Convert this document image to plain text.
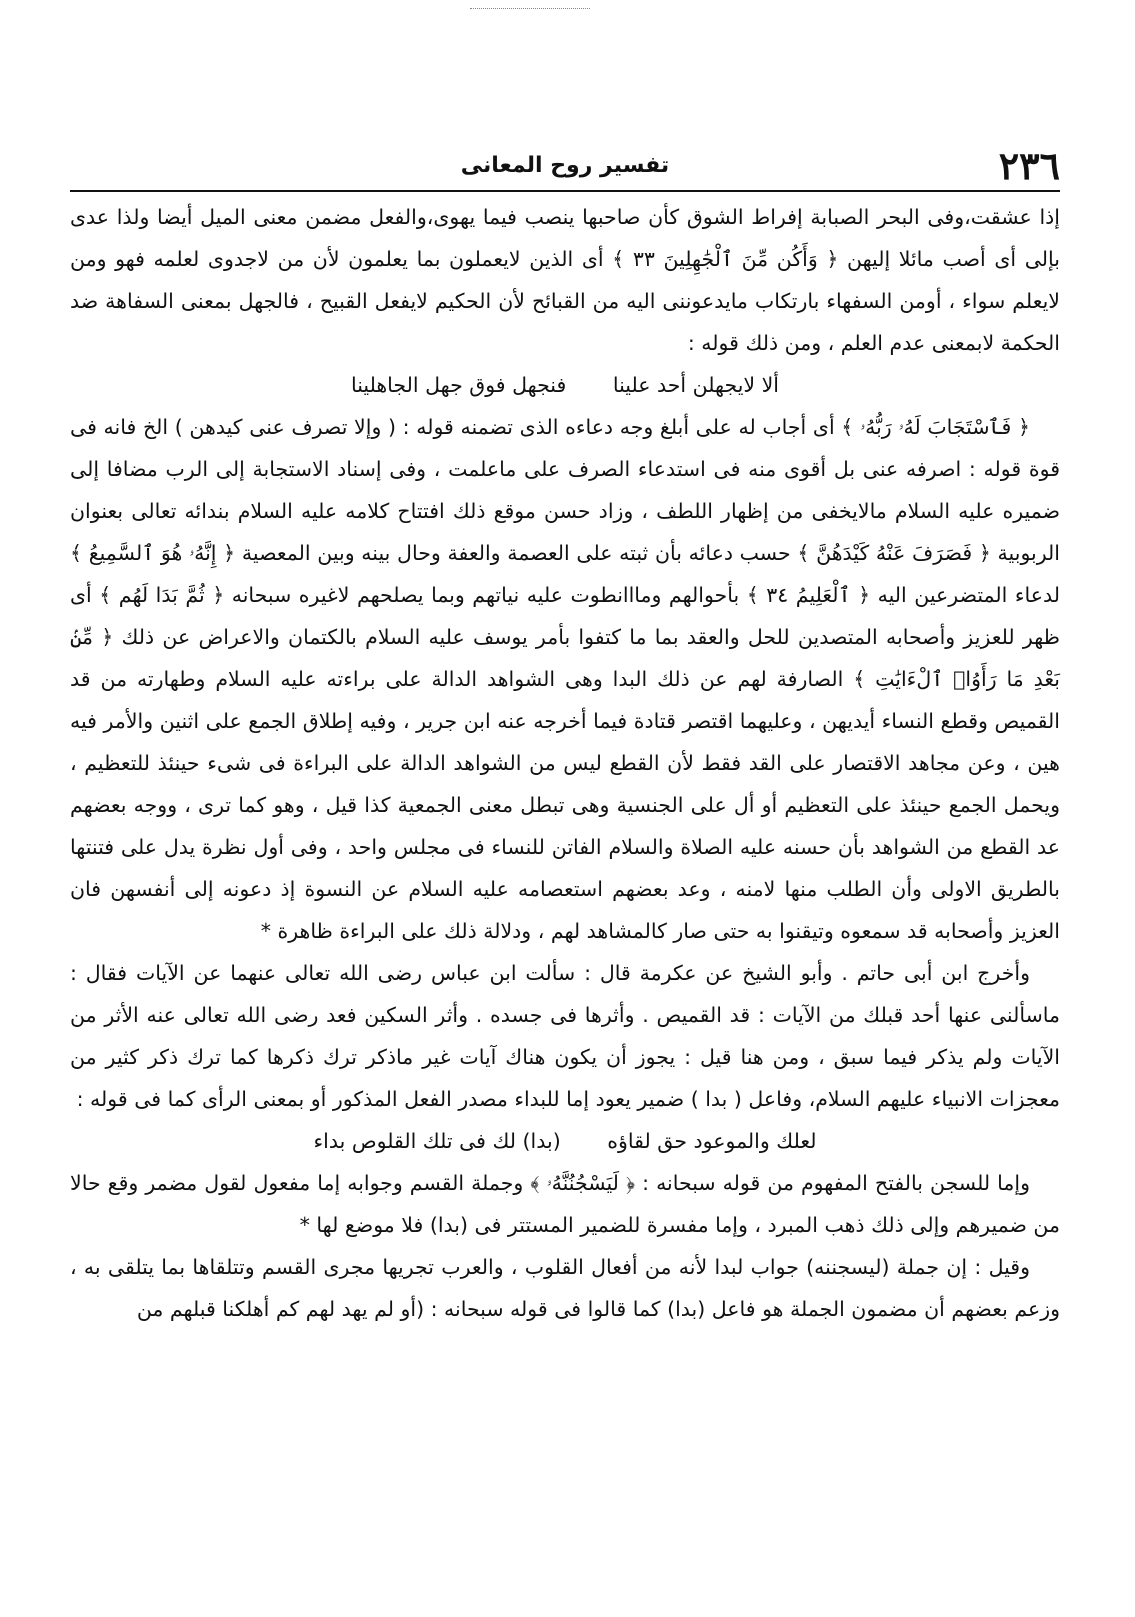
٢٣٦
تفسير روح المعانى

إذا عشقت،وفى البحر الصبابة إفراط الشوق كأن صاحبها ينصب فيما يهوى،والفعل مضمن معنى الميل أيضا ولذا عدى بإلى أى أصب مائلا إليهن ﴿ وَأَكُن مِّنَ ٱلْجَٰهِلِينَ ٣٣ ﴾ أى الذين لايعملون بما يعلمون لأن من لاجدوى لعلمه فهو ومن لايعلم سواء ، أومن السفهاء بارتكاب مايدعوننى اليه من القبائح لأن الحكيم لايفعل القبيح ، فالجهل بمعنى السفاهة ضد الحكمة لابمعنى عدم العلم ، ومن ذلك قوله :

ألا لايجهلن أحد علينا فنجهل فوق جهل الجاهلينا

﴿ فَٱسْتَجَابَ لَهُۥ رَبُّهُۥ ﴾ أى أجاب له على أبلغ وجه دعاءه الذى تضمنه قوله : ( وإلا تصرف عنى كيدهن ) الخ فانه فى قوة قوله : اصرفه عنى بل أقوى منه فى استدعاء الصرف على ماعلمت ، وفى إسناد الاستجابة إلى الرب مضافا إلى ضميره عليه السلام مالايخفى من إظهار اللطف ، وزاد حسن موقع ذلك افتتاح كلامه عليه السلام بندائه تعالى بعنوان الربوبية ﴿ فَصَرَفَ عَنْهُ كَيْدَهُنَّ ﴾ حسب دعائه بأن ثبته على العصمة والعفة وحال بينه وبين المعصية ﴿ إِنَّهُۥ هُوَ ٱلسَّمِيعُ ﴾ لدعاء المتضرعين اليه ﴿ ٱلْعَلِيمُ ٣٤ ﴾ بأحوالهم ومااانطوت عليه نياتهم وبما يصلحهم لاغيره سبحانه ﴿ ثُمَّ بَدَا لَهُم ﴾ أى ظهر للعزيز وأصحابه المتصدين للحل والعقد بما ما كتفوا بأمر يوسف عليه السلام بالكتمان والاعراض عن ذلك ﴿ مِّنۢ بَعْدِ مَا رَأَوُا۟ ٱلْءَايَٰتِ ﴾ الصارفة لهم عن ذلك البدا وهى الشواهد الدالة على براءته عليه السلام وطهارته من قد القميص وقطع النساء أيديهن ، وعليهما اقتصر قتادة فيما أخرجه عنه ابن جرير ، وفيه إطلاق الجمع على اثنين والأمر فيه هين ، وعن مجاهد الاقتصار على القد فقط لأن القطع ليس من الشواهد الدالة على البراءة فى شىء حينئذ للتعظيم ، ويحمل الجمع حينئذ على التعظيم أو أل على الجنسية وهى تبطل معنى الجمعية كذا قيل ، وهو كما ترى ، ووجه بعضهم عد القطع من الشواهد بأن حسنه عليه الصلاة والسلام الفاتن للنساء فى مجلس واحد ، وفى أول نظرة يدل على فتنتها بالطريق الاولى وأن الطلب منها لامنه ، وعد بعضهم استعصامه عليه السلام عن النسوة إذ دعونه إلى أنفسهن فان العزيز وأصحابه قد سمعوه وتيقنوا به حتى صار كالمشاهد لهم ، ودلالة ذلك على البراءة ظاهرة *

وأخرج ابن أبى حاتم . وأبو الشيخ عن عكرمة قال : سألت ابن عباس رضى الله تعالى عنهما عن الآيات فقال : ماسألنى عنها أحد قبلك من الآيات : قد القميص . وأثرها فى جسده . وأثر السكين فعد رضى الله تعالى عنه الأثر من الآيات ولم يذكر فيما سبق ، ومن هنا قيل : يجوز أن يكون هناك آيات غير ماذكر ترك ذكرها كما ترك ذكر كثير من معجزات الانبياء عليهم السلام، وفاعل ( بدا ) ضمير يعود إما للبداء مصدر الفعل المذكور أو بمعنى الرأى كما فى قوله :

لعلك والموعود حق لقاؤه (بدا) لك فى تلك القلوص بداء

وإما للسجن بالفتح المفهوم من قوله سبحانه : ﴿ لَيَسْجُنُنَّهُۥ ﴾ وجملة القسم وجوابه إما مفعول لقول مضمر وقع حالا من ضميرهم وإلى ذلك ذهب المبرد ، وإما مفسرة للضمير المستتر فى (بدا) فلا موضع لها *

وقيل : إن جملة (ليسجننه) جواب لبدا لأنه من أفعال القلوب ، والعرب تجريها مجرى القسم وتتلقاها بما يتلقى به ، وزعم بعضهم أن مضمون الجملة هو فاعل (بدا) كما قالوا فى قوله سبحانه : (أو لم يهد لهم كم أهلكنا قبلهم من
